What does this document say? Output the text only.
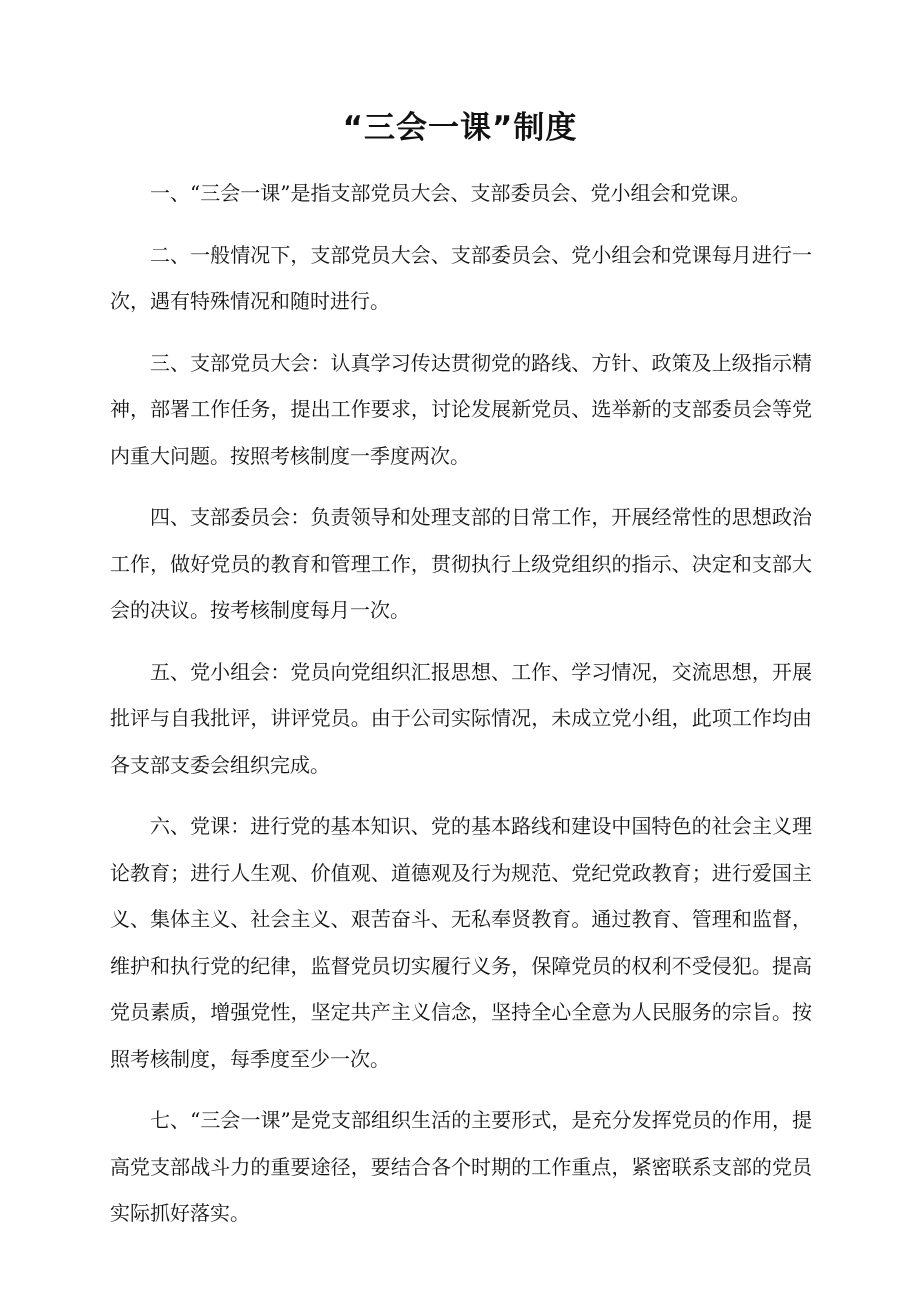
“三会一课”制度

一、“三会一课”是指支部党员大会、支部委员会、党小组会和党课。

二、一般情况下，支部党员大会、支部委员会、党小组会和党课每月进行一次，遇有特殊情况和随时进行。

三、支部党员大会：认真学习传达贯彻党的路线、方针、政策及上级指示精神，部署工作任务，提出工作要求，讨论发展新党员、选举新的支部委员会等党内重大问题。按照考核制度一季度两次。

四、支部委员会：负责领导和处理支部的日常工作，开展经常性的思想政治工作，做好党员的教育和管理工作，贯彻执行上级党组织的指示、决定和支部大会的决议。按考核制度每月一次。

五、党小组会：党员向党组织汇报思想、工作、学习情况，交流思想，开展批评与自我批评，讲评党员。由于公司实际情况，未成立党小组，此项工作均由各支部支委会组织完成。

六、党课：进行党的基本知识、党的基本路线和建设中国特色的社会主义理论教育；进行人生观、价值观、道德观及行为规范、党纪党政教育；进行爱国主义、集体主义、社会主义、艰苦奋斗、无私奉贤教育。通过教育、管理和监督，维护和执行党的纪律，监督党员切实履行义务，保障党员的权利不受侵犯。提高党员素质，增强党性，坚定共产主义信念，坚持全心全意为人民服务的宗旨。按照考核制度，每季度至少一次。

七、“三会一课”是党支部组织生活的主要形式，是充分发挥党员的作用，提高党支部战斗力的重要途径，要结合各个时期的工作重点，紧密联系支部的党员实际抓好落实。
